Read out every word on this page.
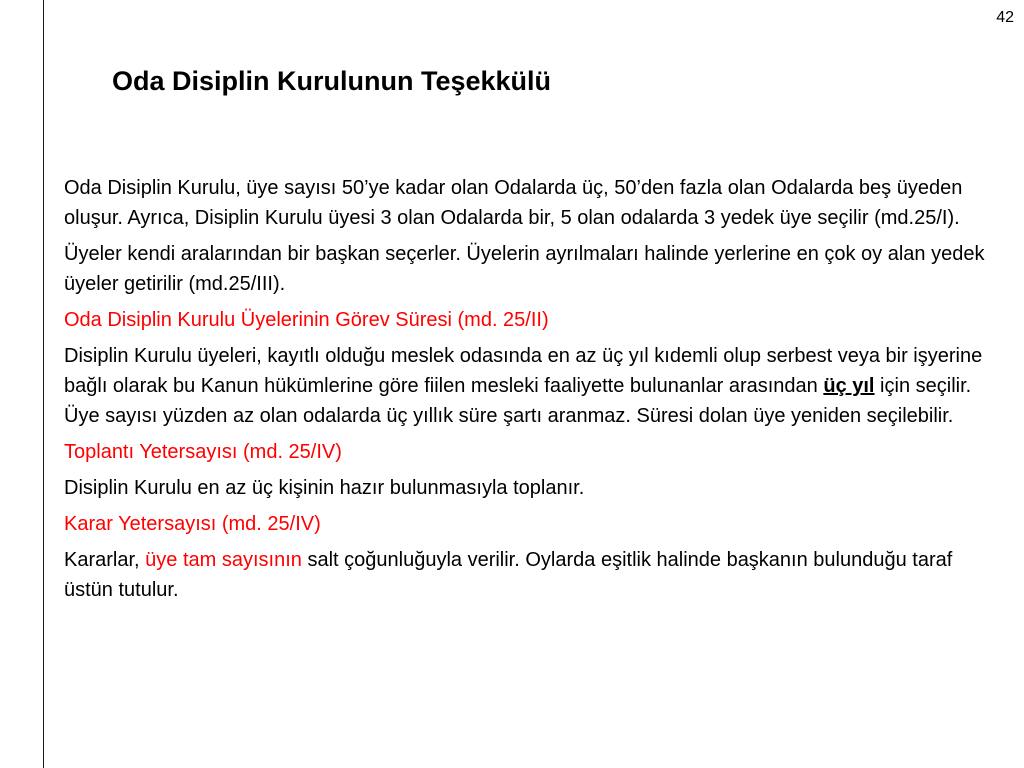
42
Oda Disiplin Kurulunun Teşekkülü

Oda Disiplin Kurulu, üye sayısı 50’ye kadar olan Odalarda üç, 50’den fazla olan Odalarda beş üyeden oluşur. Ayrıca, Disiplin Kurulu üyesi 3 olan Odalarda bir, 5 olan odalarda 3 yedek üye seçilir (md.25/I).

Üyeler kendi aralarından bir başkan seçerler. Üyelerin ayrılmaları halinde yerlerine en çok oy alan yedek üyeler getirilir (md.25/III).

Oda Disiplin Kurulu Üyelerinin Görev Süresi (md. 25/II)

Disiplin Kurulu üyeleri, kayıtlı olduğu meslek odasında en az üç yıl kıdemli olup serbest veya bir işyerine bağlı olarak bu Kanun hükümlerine göre fiilen mesleki faaliyette bulunanlar arasından üç yıl için seçilir. Üye sayısı yüzden az olan odalarda üç yıllık süre şartı aranmaz. Süresi dolan üye yeniden seçilebilir.

Toplantı Yetersayısı (md. 25/IV)

Disiplin Kurulu en az üç kişinin hazır bulunmasıyla toplanır.

Karar Yetersayısı (md. 25/IV)

Kararlar, üye tam sayısının salt çoğunluğuyla verilir. Oylarda eşitlik halinde başkanın bulunduğu taraf üstün tutulur.
